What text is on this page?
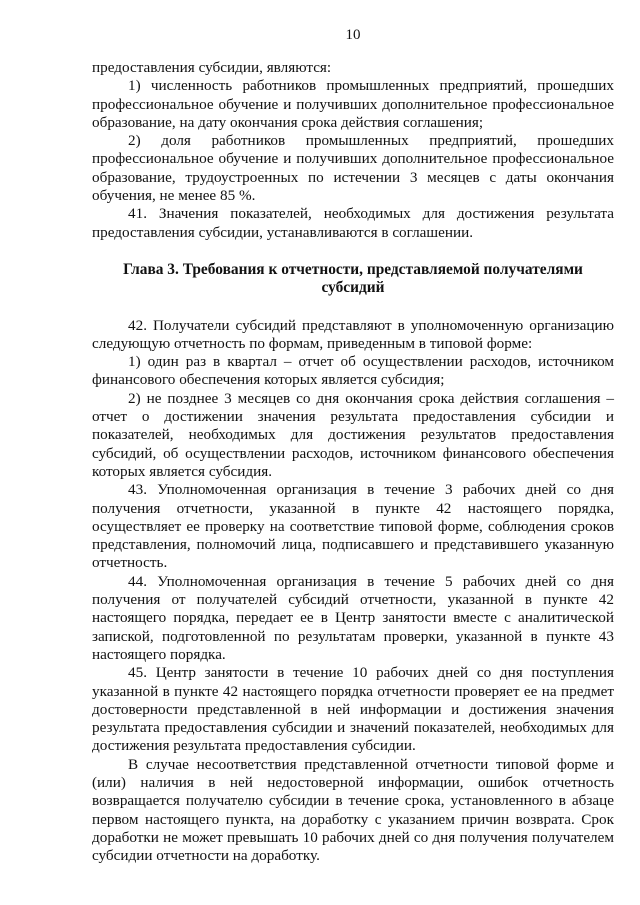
10

предоставления субсидии, являются:

1) численность работников промышленных предприятий, прошедших профессиональное обучение и получивших дополнительное профессиональное образование, на дату окончания срока действия соглашения;

2) доля работников промышленных предприятий, прошедших профессиональное обучение и получивших дополнительное профессиональное образование, трудоустроенных по истечении 3 месяцев с даты окончания обучения, не менее 85 %.

41. Значения показателей, необходимых для достижения результата предоставления субсидии, устанавливаются в соглашении.

Глава 3. Требования к отчетности, представляемой получателями субсидий

42. Получатели субсидий представляют в уполномоченную организацию следующую отчетность по формам, приведенным в типовой форме:

1) один раз в квартал – отчет об осуществлении расходов, источником финансового обеспечения которых является субсидия;

2) не позднее 3 месяцев со дня окончания срока действия соглашения – отчет о достижении значения результата предоставления субсидии и показателей, необходимых для достижения результатов предоставления субсидий, об осуществлении расходов, источником финансового обеспечения которых является субсидия.

43. Уполномоченная организация в течение 3 рабочих дней со дня получения отчетности, указанной в пункте 42 настоящего порядка, осуществляет ее проверку на соответствие типовой форме, соблюдения сроков представления, полномочий лица, подписавшего и представившего указанную отчетность.

44. Уполномоченная организация в течение 5 рабочих дней со дня получения от получателей субсидий отчетности, указанной в пункте 42 настоящего порядка, передает ее в Центр занятости вместе с аналитической запиской, подготовленной по результатам проверки, указанной в пункте 43 настоящего порядка.

45. Центр занятости в течение 10 рабочих дней со дня поступления указанной в пункте 42 настоящего порядка отчетности проверяет ее на предмет достоверности представленной в ней информации и достижения значения результата предоставления субсидии и значений показателей, необходимых для достижения результата предоставления субсидии.

В случае несоответствия представленной отчетности типовой форме и (или) наличия в ней недостоверной информации, ошибок отчетность возвращается получателю субсидии в течение срока, установленного в абзаце первом настоящего пункта, на доработку с указанием причин возврата. Срок доработки не может превышать 10 рабочих дней со дня получения получателем субсидии отчетности на доработку.
